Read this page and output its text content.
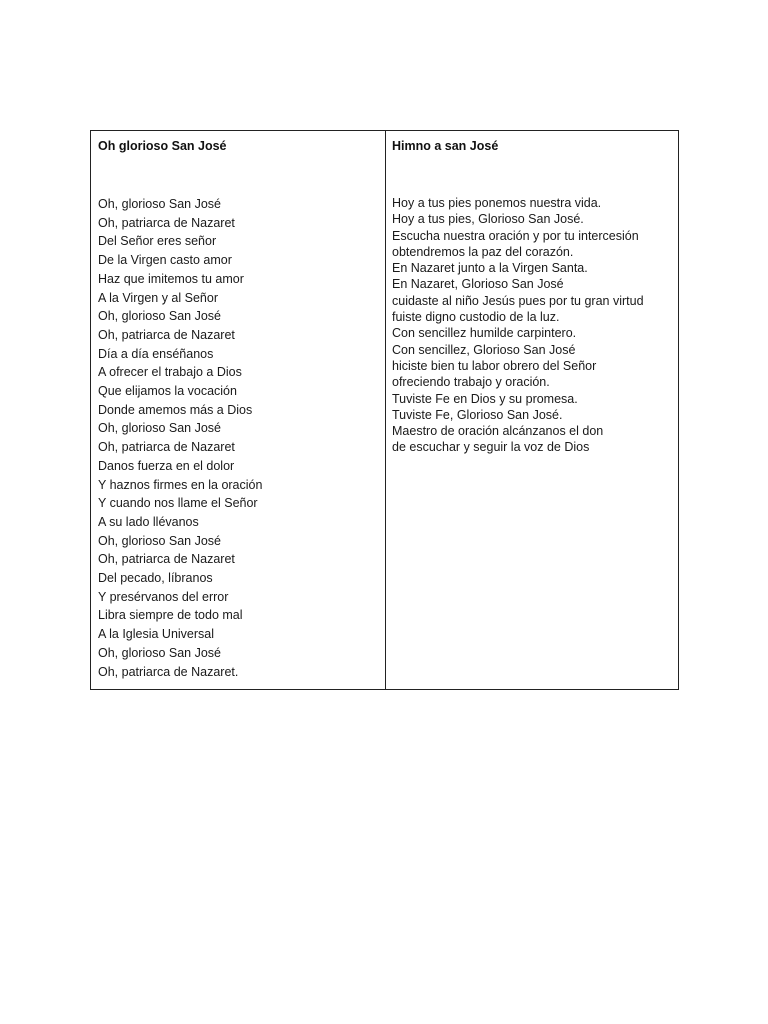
Oh glorioso San José

Oh, glorioso San José
Oh, patriarca de Nazaret
Del Señor eres señor
De la Virgen casto amor
Haz que imitemos tu amor
A la Virgen y al Señor
Oh, glorioso San José
Oh, patriarca de Nazaret
Día a día enséñanos
A ofrecer el trabajo a Dios
Que elijamos la vocación
Donde amemos más a Dios
Oh, glorioso San José
Oh, patriarca de Nazaret
Danos fuerza en el dolor
Y haznos firmes en la oración
Y cuando nos llame el Señor
A su lado llévanos
Oh, glorioso San José
Oh, patriarca de Nazaret
Del pecado, líbranos
Y presérvanos del error
Libra siempre de todo mal
A la Iglesia Universal
Oh, glorioso San José
Oh, patriarca de Nazaret.

Himno a san José

Hoy a tus pies ponemos nuestra vida.
Hoy a tus pies, Glorioso San José.
Escucha nuestra oración y por tu intercesión
obtendremos la paz del corazón.
En Nazaret junto a la Virgen Santa.
En Nazaret, Glorioso San José
cuidaste al niño Jesús pues por tu gran virtud
fuiste digno custodio de la luz.
Con sencillez humilde carpintero.
Con sencillez, Glorioso San José
hiciste bien tu labor obrero del Señor
ofreciendo trabajo y oración.
Tuviste Fe en Dios y su promesa.
Tuviste Fe, Glorioso San José.
Maestro de oración alcánzanos el don
de escuchar y seguir la voz de Dios
